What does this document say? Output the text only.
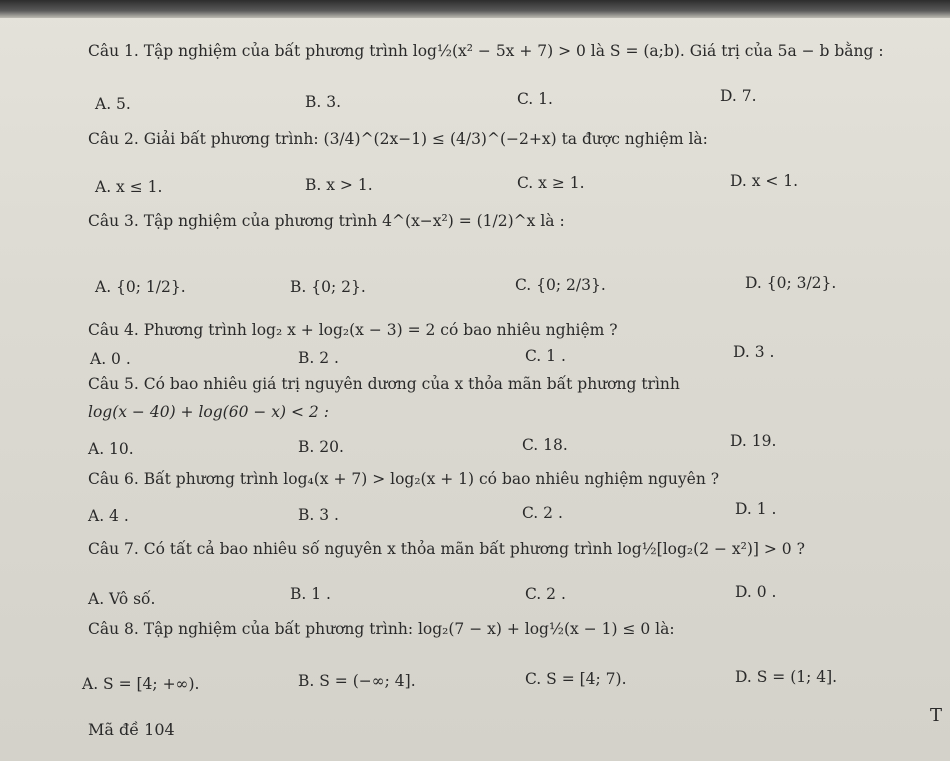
Câu 1. Tập nghiệm của bất phương trình log½(x² − 5x + 7) > 0 là S = (a;b). Giá trị của 5a − b bằng :
A. 5.	B. 3.	C. 1.	D. 7.
Câu 2. Giải bất phương trình: (3/4)^(2x−1) ≤ (4/3)^(−2+x) ta được nghiệm là:
A. x ≤ 1.	B. x > 1.	C. x ≥ 1.	D. x < 1.
Câu 3. Tập nghiệm của phương trình 4^(x−x²) = (1/2)^x là :
A. {0; 1/2}.	B. {0; 2}.	C. {0; 2/3}.	D. {0; 3/2}.
Câu 4. Phương trình log₂ x + log₂(x − 3) = 2 có bao nhiêu nghiệm ?
A. 0 .	B. 2 .	C. 1 .	D. 3 .
Câu 5. Có bao nhiêu giá trị nguyên dương của x thỏa mãn bất phương trình
log(x − 40) + log(60 − x) < 2 :
A. 10.	B. 20.	C. 18.	D. 19.
Câu 6. Bất phương trình log₄(x + 7) > log₂(x + 1) có bao nhiêu nghiệm nguyên ?
A. 4 .	B. 3 .	C. 2 .	D. 1 .
Câu 7. Có tất cả bao nhiêu số nguyên x thỏa mãn bất phương trình log½[log₂(2 − x²)] > 0 ?
A. Vô số.	B. 1 .	C. 2 .	D. 0 .
Câu 8. Tập nghiệm của bất phương trình: log₂(7 − x) + log½(x − 1) ≤ 0 là:
A. S = [4; +∞).	B. S = (−∞; 4].	C. S = [4; 7).	D. S = (1; 4].
Mã đề 104
T
